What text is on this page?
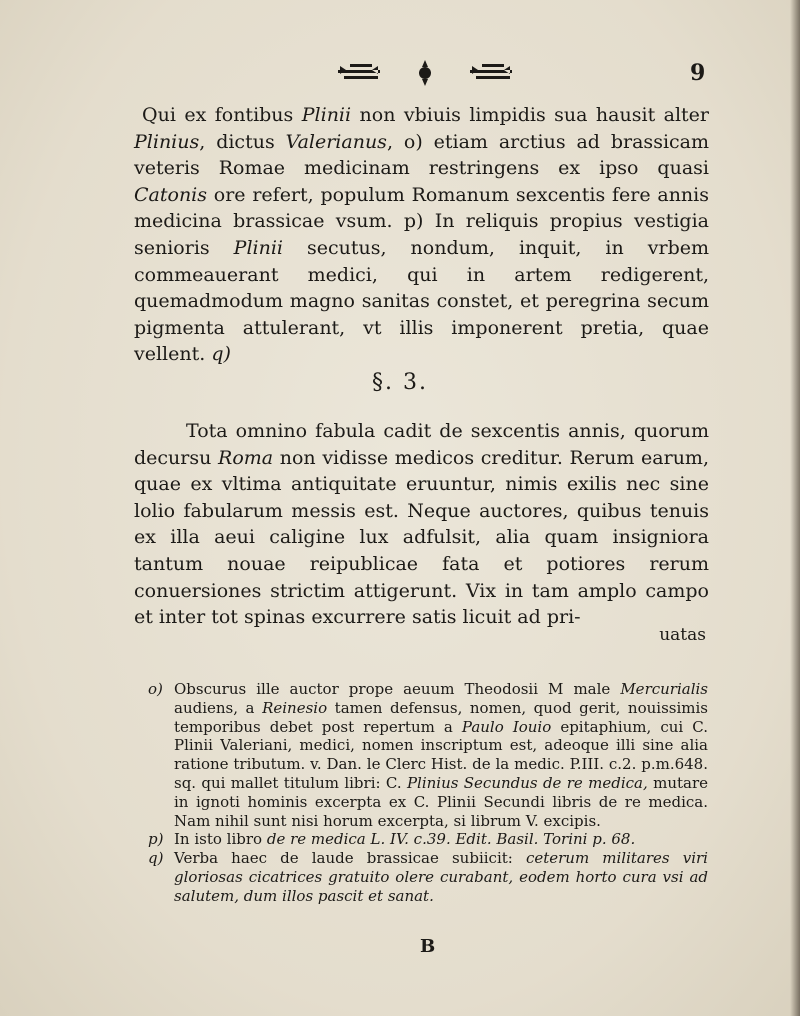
9

Qui ex fontibus Plinii non vbiuis limpidis sua hausit alter Plinius, dictus Valerianus, o) etiam arctius ad brassicam veteris Romae medicinam restringens ex ipso quasi Catonis ore refert, populum Romanum sexcentis fere annis medicina brassicae vsum. p) In reliquis propius vestigia senioris Plinii secutus, nondum, inquit, in vrbem commeauerant medici, qui in artem redigerent, quemadmodum magno sanitas constet, et peregrina secum pigmenta attulerant, vt illis imponerent pretia, quae vellent. q)

§. 3.

Tota omnino fabula cadit de sexcentis annis, quorum decursu Roma non vidisse medicos creditur. Rerum earum, quae ex vltima antiquitate eruuntur, nimis exilis nec sine lolio fabularum messis est. Neque auctores, quibus tenuis ex illa aeui caligine lux adfulsit, alia quam insigniora tantum nouae reipublicae fata et potiores rerum conuersiones strictim attigerunt. Vix in tam amplo campo et inter tot spinas excurrere satis licuit ad pri-

uatas

o) Obscurus ille auctor prope aeuum Theodosii M male Mercurialis audiens, a Reinesio tamen defensus, nomen, quod gerit, nouissimis temporibus debet post repertum a Paulo Iouio epitaphium, cui C. Plinii Valeriani, medici, nomen inscriptum est, adeoque illi sine alia ratione tributum. v. Dan. le Clerc Hist. de la medic. P.III. c.2. p.m.648. sq. qui mallet titulum libri: C. Plinius Secundus de re medica, mutare in ignoti hominis excerpta ex C. Plinii Secundi libris de re medica. Nam nihil sunt nisi horum excerpta, si librum V. excipis.

p) In isto libro de re medica L. IV. c.39. Edit. Basil. Torini p. 68.

q) Verba haec de laude brassicae subiicit: ceterum militares viri gloriosas cicatrices gratuito olere curabant, eodem horto cura vsi ad salutem, dum illos pascit et sanat.

B
